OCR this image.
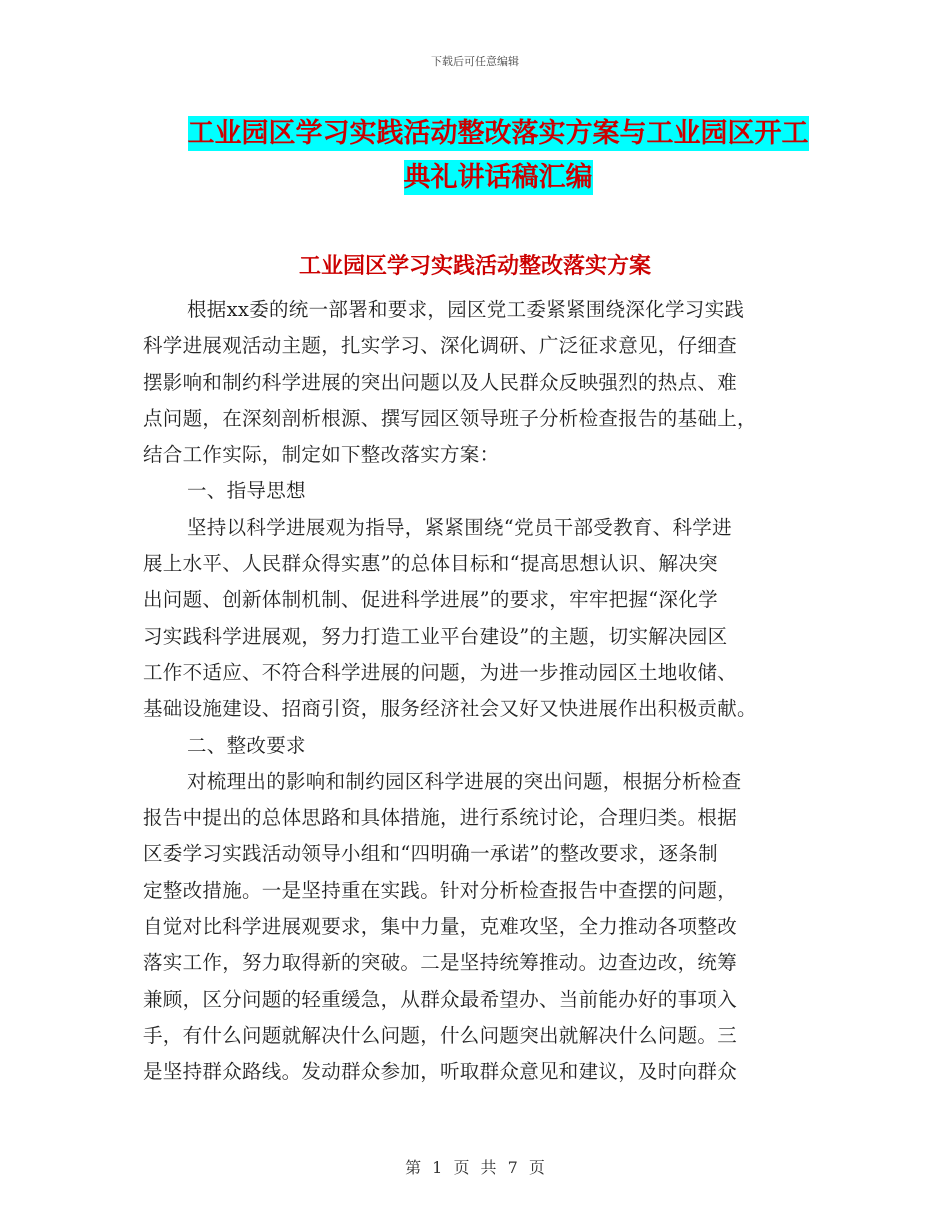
下载后可任意编辑
工业园区学习实践活动整改落实方案与工业园区开工
典礼讲话稿汇编
工业园区学习实践活动整改落实方案
根据xx委的统一部署和要求，园区党工委紧紧围绕深化学习实践
科学进展观活动主题，扎实学习、深化调研、广泛征求意见，仔细查
摆影响和制约科学进展的突出问题以及人民群众反映强烈的热点、难
点问题，在深刻剖析根源、撰写园区领导班子分析检查报告的基础上，
结合工作实际，制定如下整改落实方案：
一、指导思想
坚持以科学进展观为指导，紧紧围绕“党员干部受教育、科学进
展上水平、人民群众得实惠”的总体目标和“提高思想认识、解决突
出问题、创新体制机制、促进科学进展”的要求，牢牢把握“深化学
习实践科学进展观，努力打造工业平台建设”的主题，切实解决园区
工作不适应、不符合科学进展的问题，为进一步推动园区土地收储、
基础设施建设、招商引资，服务经济社会又好又快进展作出积极贡献。
二、整改要求
对梳理出的影响和制约园区科学进展的突出问题，根据分析检查
报告中提出的总体思路和具体措施，进行系统讨论，合理归类。根据
区委学习实践活动领导小组和“四明确一承诺”的整改要求，逐条制
定整改措施。一是坚持重在实践。针对分析检查报告中查摆的问题，
自觉对比科学进展观要求，集中力量，克难攻坚，全力推动各项整改
落实工作，努力取得新的突破。二是坚持统筹推动。边查边改，统筹
兼顾，区分问题的轻重缓急，从群众最希望办、当前能办好的事项入
手，有什么问题就解决什么问题，什么问题突出就解决什么问题。三
是坚持群众路线。发动群众参加，听取群众意见和建议，及时向群众
第 1 页 共 7 页
